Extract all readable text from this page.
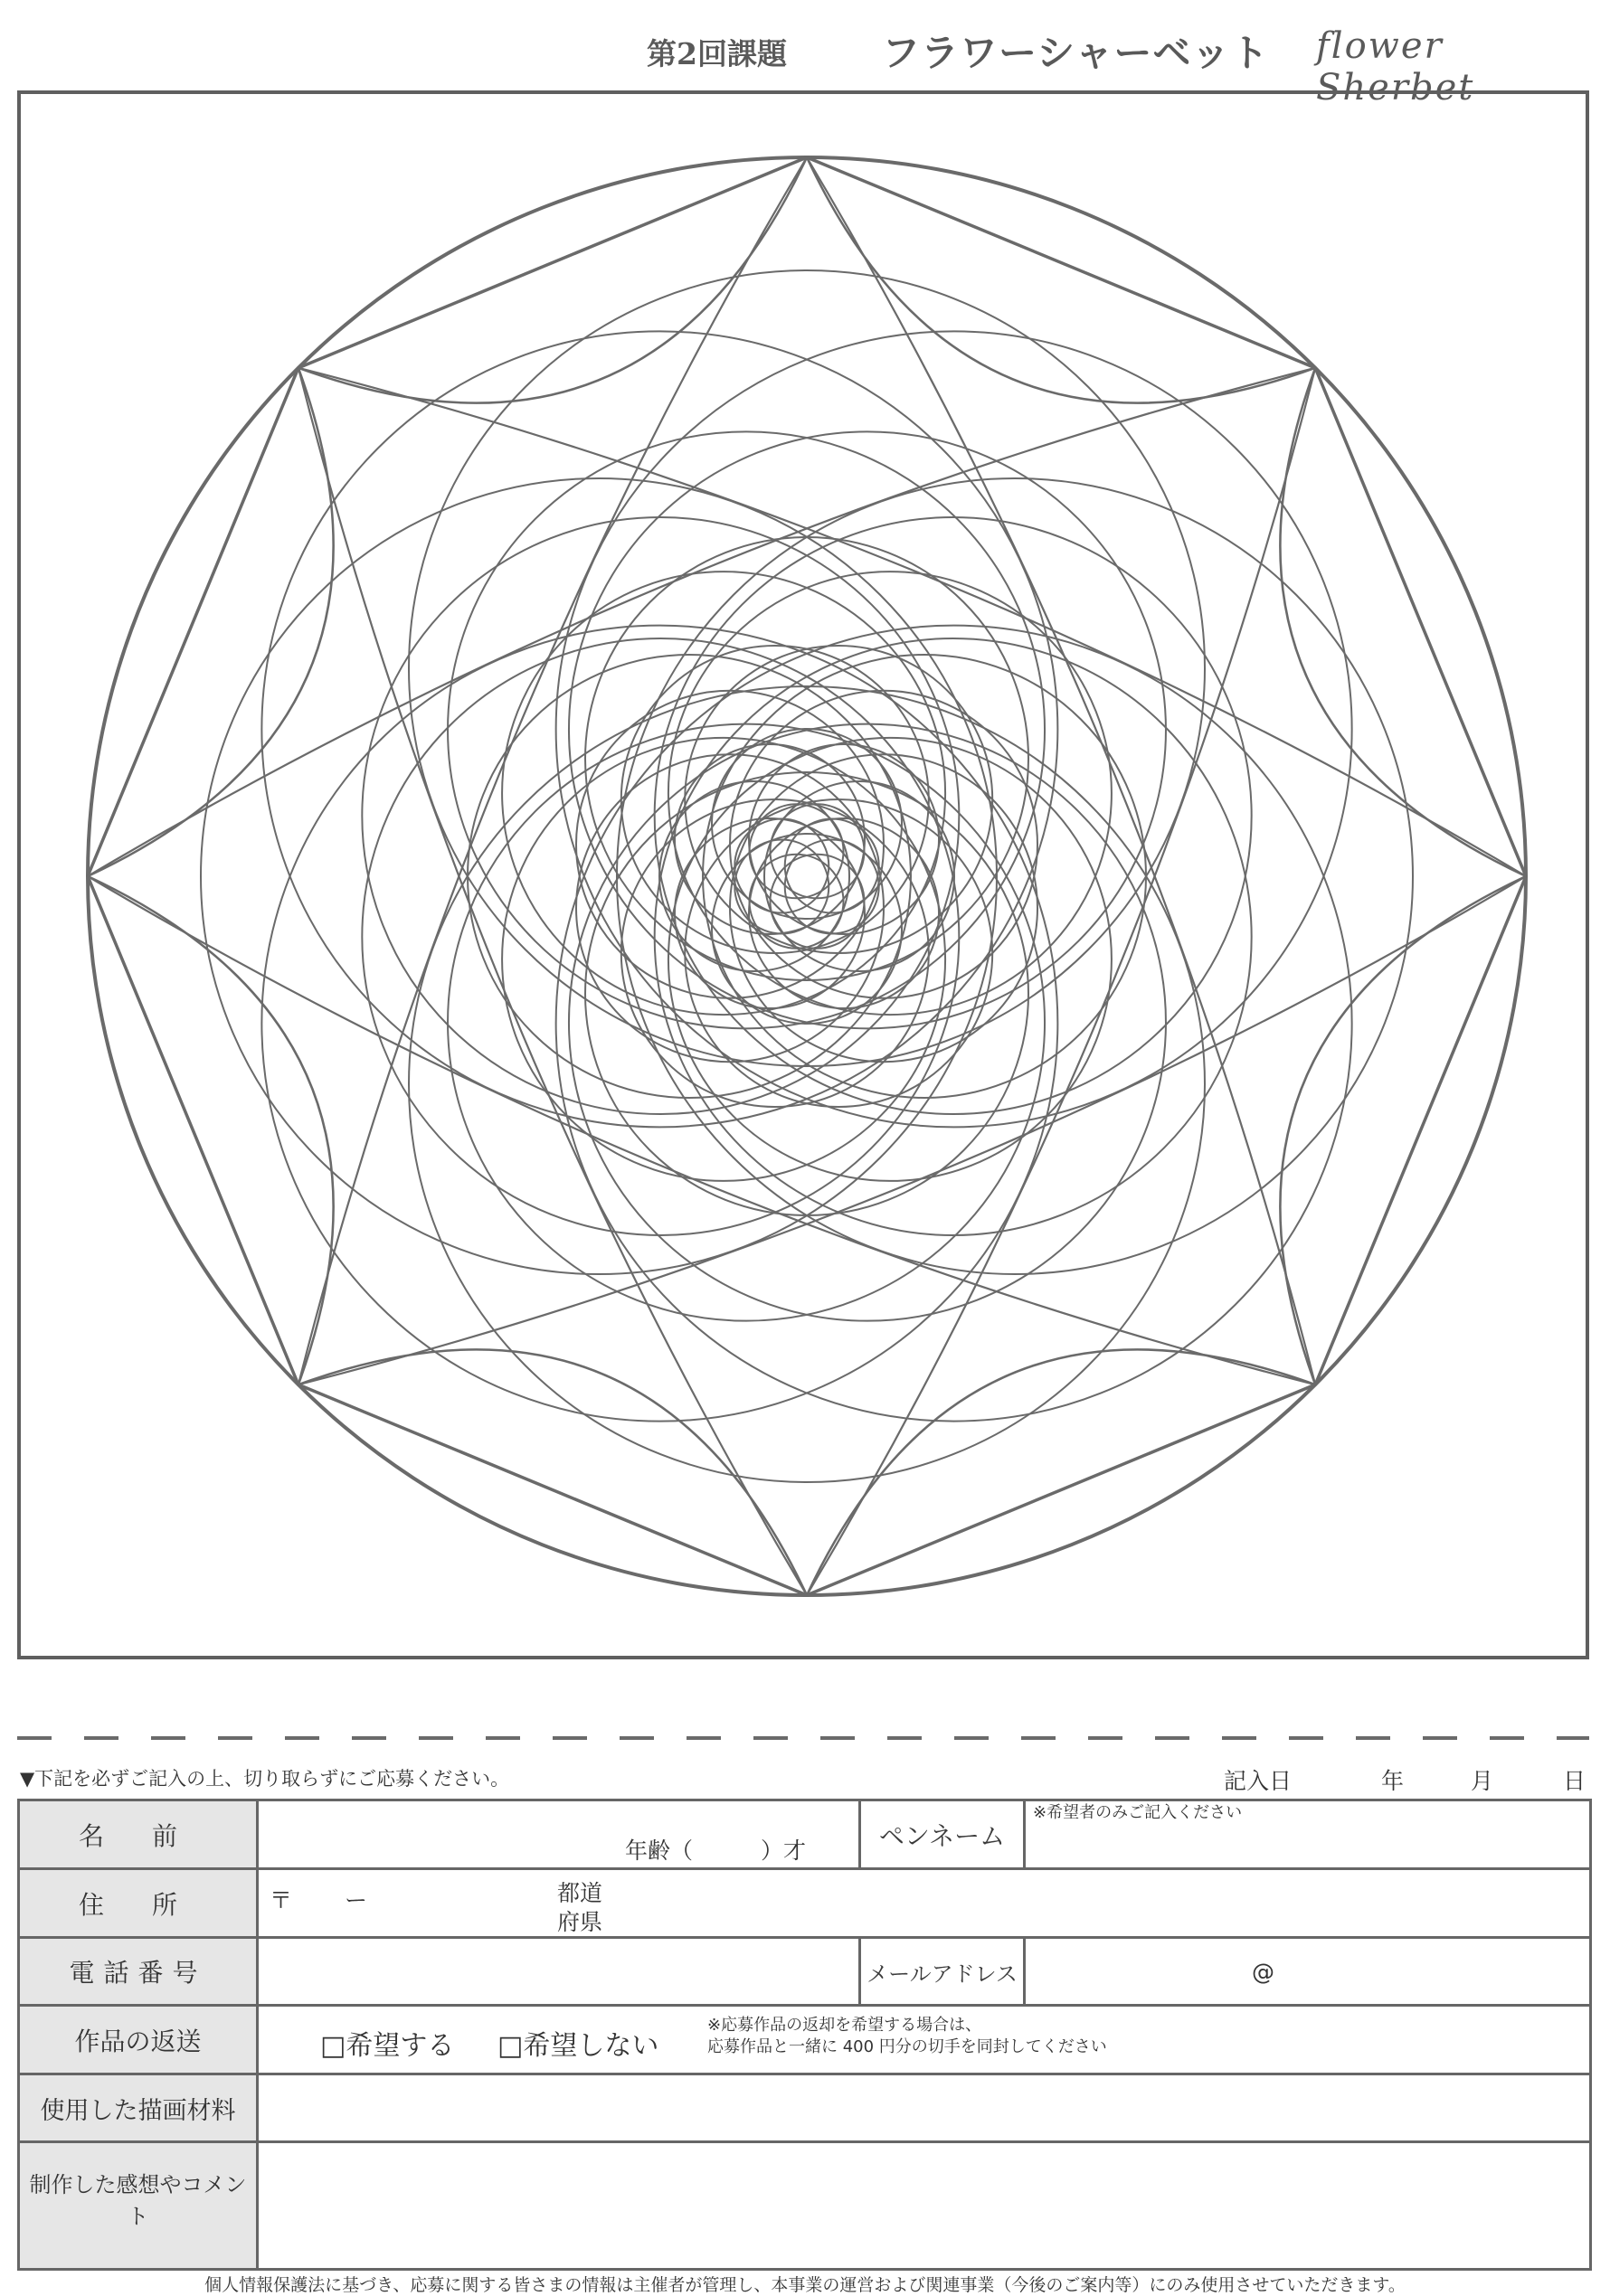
第2回課題	フラワーシャーベット flower Sherbet
▼下記を必ずご記入の上、切り取らずにご応募ください。	記入日	年	月	日
名 前	年齢（　　　）才	ペンネーム	※希望者のみご記入ください

住 所	〒 ー 都道
府県		

電話番号		メールアドレス	@

作品の返送	□希望する □希望しない
※応募作品の返却を希望する場合は、
応募作品と一緒に 400 円分の切手を同封してください		

使用した描画材料			
制作した感想やコメント			
個人情報保護法に基づき、応募に関する皆さまの情報は主催者が管理し、本事業の運営および関連事業（今後のご案内等）にのみ使用させていただきます。
